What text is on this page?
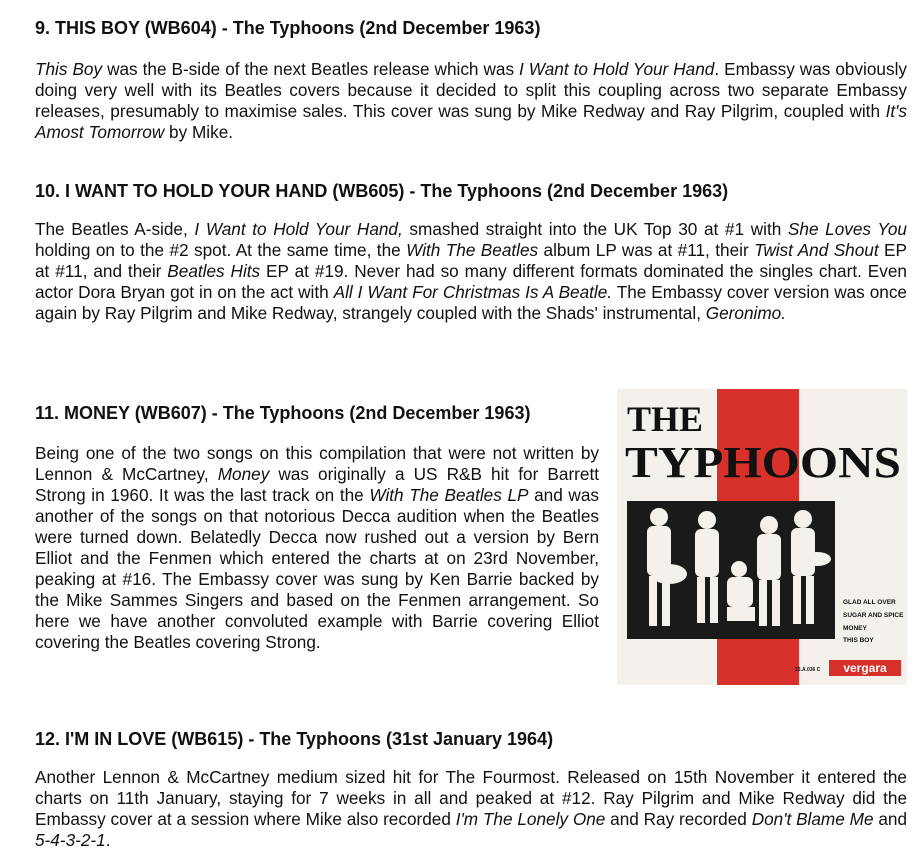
9. THIS BOY (WB604) - The Typhoons (2nd December 1963)

This Boy was the B-side of the next Beatles release which was I Want to Hold Your Hand. Embassy was obviously doing very well with its Beatles covers because it decided to split this coupling across two separate Embassy releases, presumably to maximise sales. This cover was sung by Mike Redway and Ray Pilgrim, coupled with It's Amost Tomorrow by Mike.

10. I WANT TO HOLD YOUR HAND (WB605) - The Typhoons (2nd December 1963)

The Beatles A-side, I Want to Hold Your Hand, smashed straight into the UK Top 30 at #1 with She Loves You holding on to the #2 spot. At the same time, the With The Beatles album LP was at #11, their Twist And Shout EP at #11, and their Beatles Hits EP at #19. Never had so many different formats dominated the singles chart. Even actor Dora Bryan got in on the act with All I Want For Christmas Is A Beatle. The Embassy cover version was once again by Ray Pilgrim and Mike Redway, strangely coupled with the Shads' instrumental, Geronimo.

11. MONEY (WB607) - The Typhoons (2nd December 1963)

Being one of the two songs on this compilation that were not written by Lennon & McCartney, Money was originally a US R&B hit for Barrett Strong in 1960. It was the last track on the With The Beatles LP and was another of the songs on that notorious Decca audition when the Beatles were turned down. Belatedly Decca now rushed out a version by Bern Elliot and the Fenmen which entered the charts at on 23rd November, peaking at #16. The Embassy cover was sung by Ken Barrie backed by the Mike Sammes Singers and based on the Fenmen arrangement. So here we have another convoluted example with Barrie covering Elliot covering the Beatles covering Strong.

THE
TYPHOONS
GLAD ALL OVER
SUGAR AND SPICE
MONEY
THIS BOY
33.A.036 C vergara
12. I'M IN LOVE (WB615) - The Typhoons (31st January 1964)

Another Lennon & McCartney medium sized hit for The Fourmost. Released on 15th November it entered the charts on 11th January, staying for 7 weeks in all and peaked at #12. Ray Pilgrim and Mike Redway did the Embassy cover at a session where Mike also recorded I'm The Lonely One and Ray recorded Don't Blame Me and 5-4-3-2-1.
